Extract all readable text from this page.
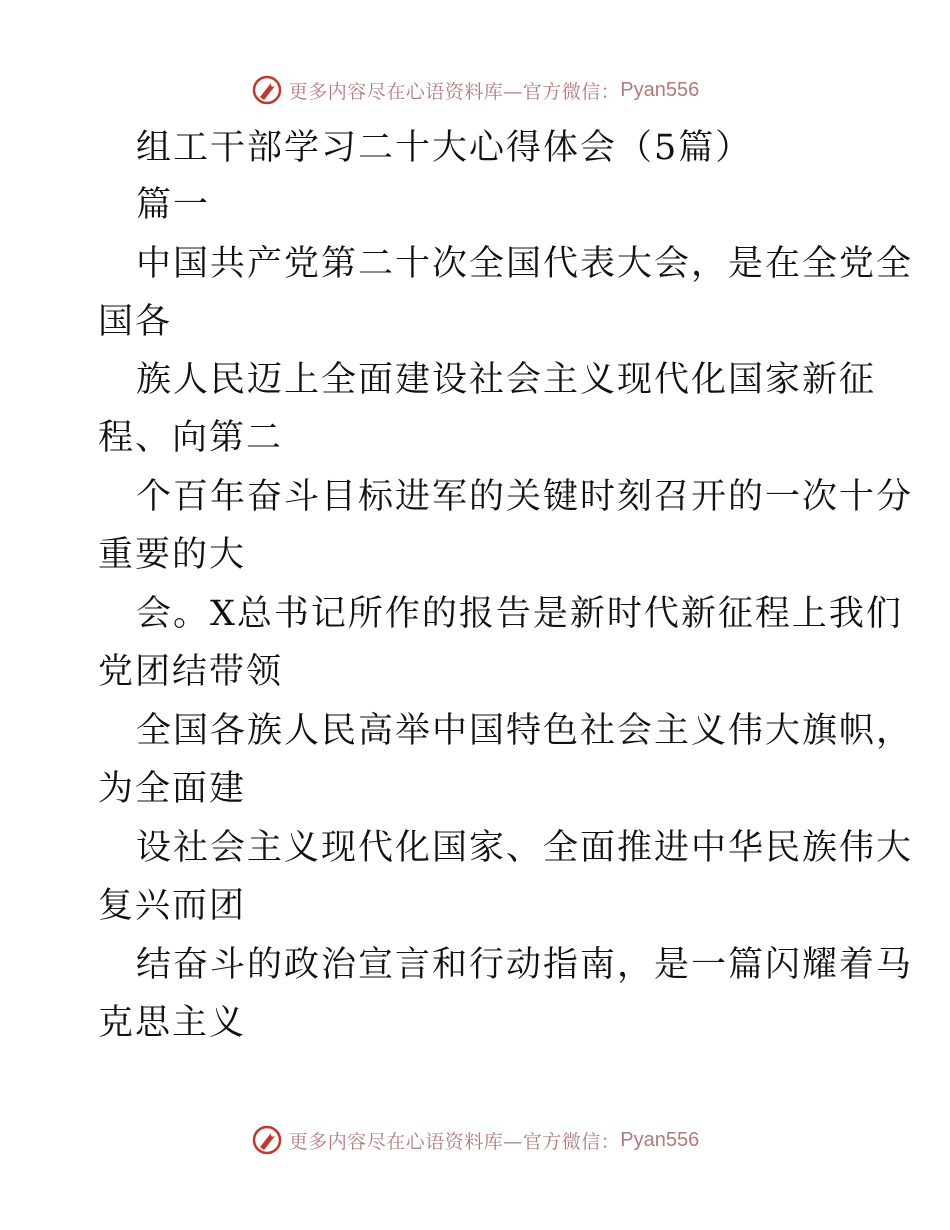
更多内容尽在心语资料库—官方微信： Pyan556
组工干部学习二十大心得体会（5篇）
篇一
中国共产党第二十次全国代表大会，是在全党全
国各
族人民迈上全面建设社会主义现代化国家新征
程、向第二
个百年奋斗目标进军的关键时刻召开的一次十分
重要的大
会。X总书记所作的报告是新时代新征程上我们
党团结带领
全国各族人民高举中国特色社会主义伟大旗帜，
为全面建
设社会主义现代化国家、全面推进中华民族伟大
复兴而团
结奋斗的政治宣言和行动指南，是一篇闪耀着马
克思主义
更多内容尽在心语资料库—官方微信： Pyan556
